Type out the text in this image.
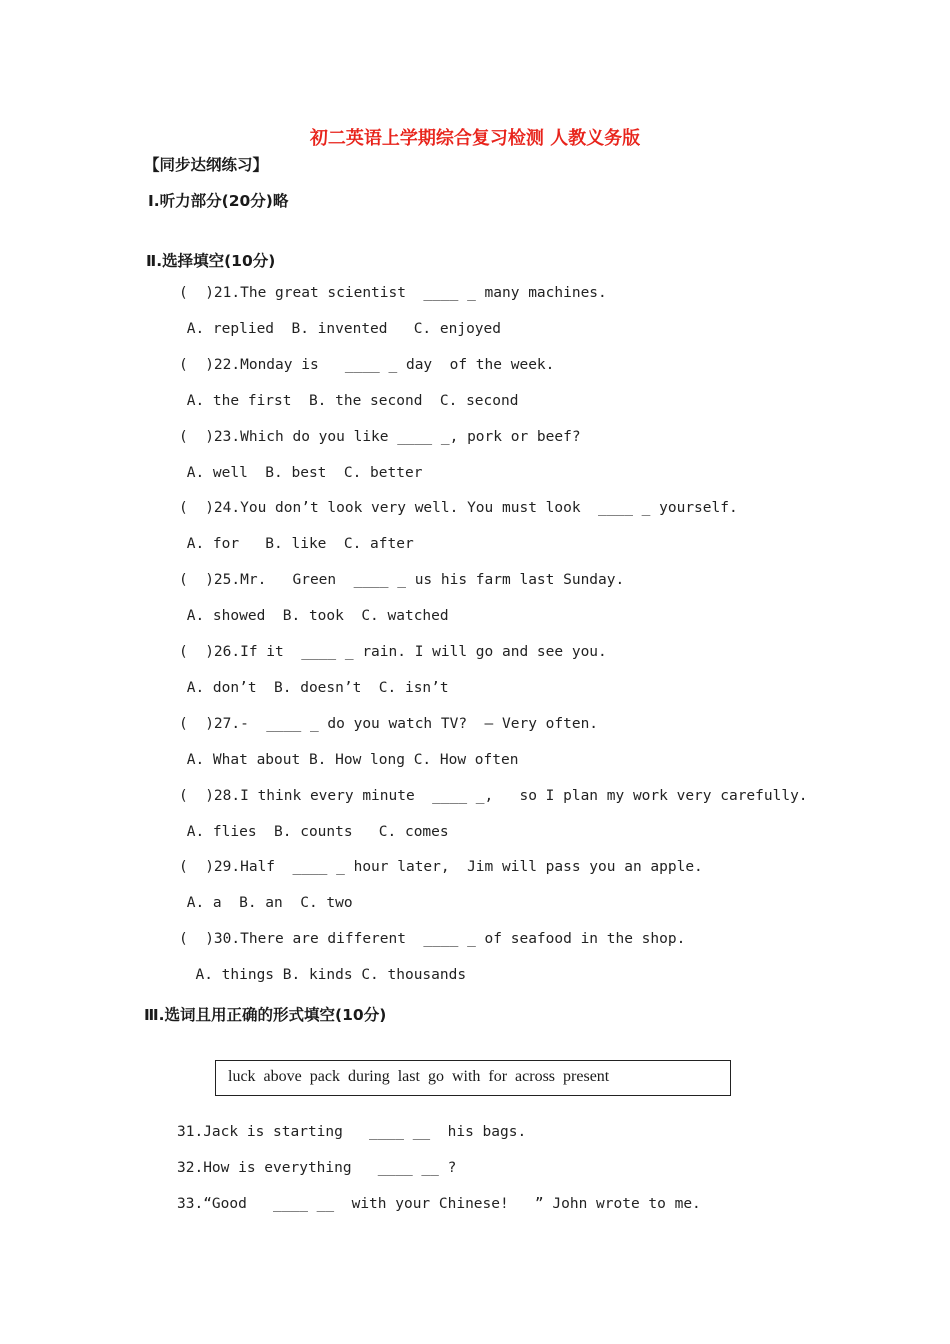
初二英语上学期综合复习检测 人教义务版
【同步达纲练习】
Ⅰ.听力部分(20分)略
Ⅱ.选择填空(10分)
(  )21.The great scientist  ____ _ many machines.
A. replied  B. invented   C. enjoyed
(  )22.Monday is   ____ _ day  of the week.
A. the first  B. the second  C. second
(  )23.Which do you like ____ _, pork or beef?
A. well  B. best  C. better
(  )24.You don’t look very well. You must look  ____ _ yourself.
A. for   B. like  C. after
(  )25.Mr.   Green  ____ _ us his farm last Sunday.
A. showed  B. took  C. watched
(  )26.If it  ____ _ rain. I will go and see you.
A. don’t  B. doesn’t  C. isn’t
(  )27.-  ____ _ do you watch TV?  – Very often.
A. What about B. How long C. How often
(  )28.I think every minute  ____ _,   so I plan my work very carefully.
A. flies  B. counts   C. comes
(  )29.Half  ____ _ hour later,  Jim will pass you an apple.
A. a  B. an  C. two
(  )30.There are different  ____ _ of seafood in the shop.
A. things B. kinds C. thousands
Ⅲ.选词且用正确的形式填空(10分)
luck  above  pack  during  last  go  with  for  across  present
31.Jack is starting   ____ __  his bags.
32.How is everything   ____ __ ?
33.“Good   ____ __  with your Chinese!   ” John wrote to me.
